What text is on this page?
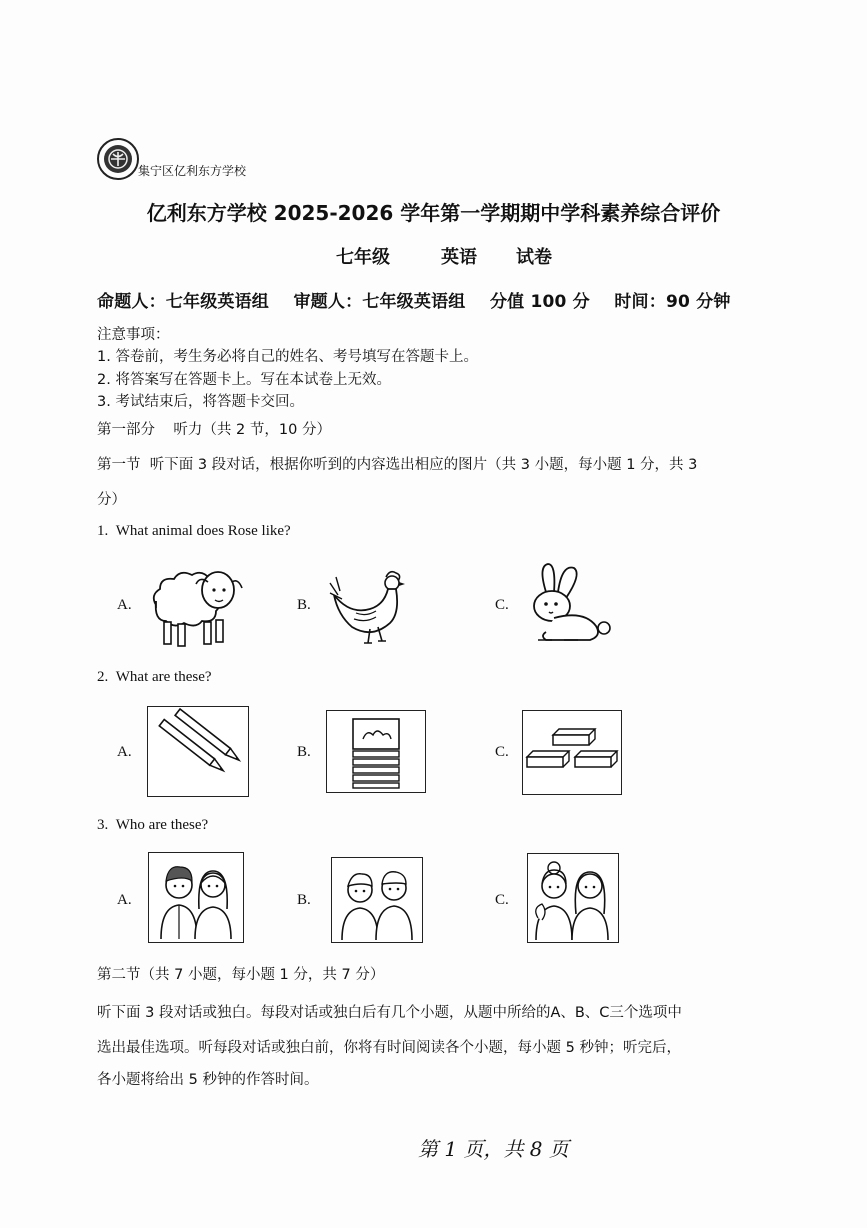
集宁区亿利东方学校
亿利东方学校 2025-2026 学年第一学期期中学科素养综合评价
七年级	英语 试卷
命题人：七年级英语组    审题人：七年级英语组    分值 100 分    时间：90 分钟
注意事项：
1. 答卷前，考生务必将自己的姓名、考号填写在答题卡上。
2. 将答案写在答题卡上。写在本试卷上无效。
3. 考试结束后，将答题卡交回。
第一部分    听力（共 2 节，10 分）
第一节  听下面 3 段对话，根据你听到的内容选出相应的图片（共 3 小题，每小题 1 分，共 3
分）
1. What animal does Rose like?
A.	B.	C.
2. What are these?
A.	B.	C.
3. Who are these?
A.	B.	C.
第二节（共 7 小题，每小题 1 分，共 7 分）
听下面 3 段对话或独白。每段对话或独白后有几个小题，从题中所给的A、B、C三个选项中
选出最佳选项。听每段对话或独白前，你将有时间阅读各个小题，每小题 5 秒钟；听完后，
各小题将给出 5 秒钟的作答时间。
第 1 页，共 8 页
